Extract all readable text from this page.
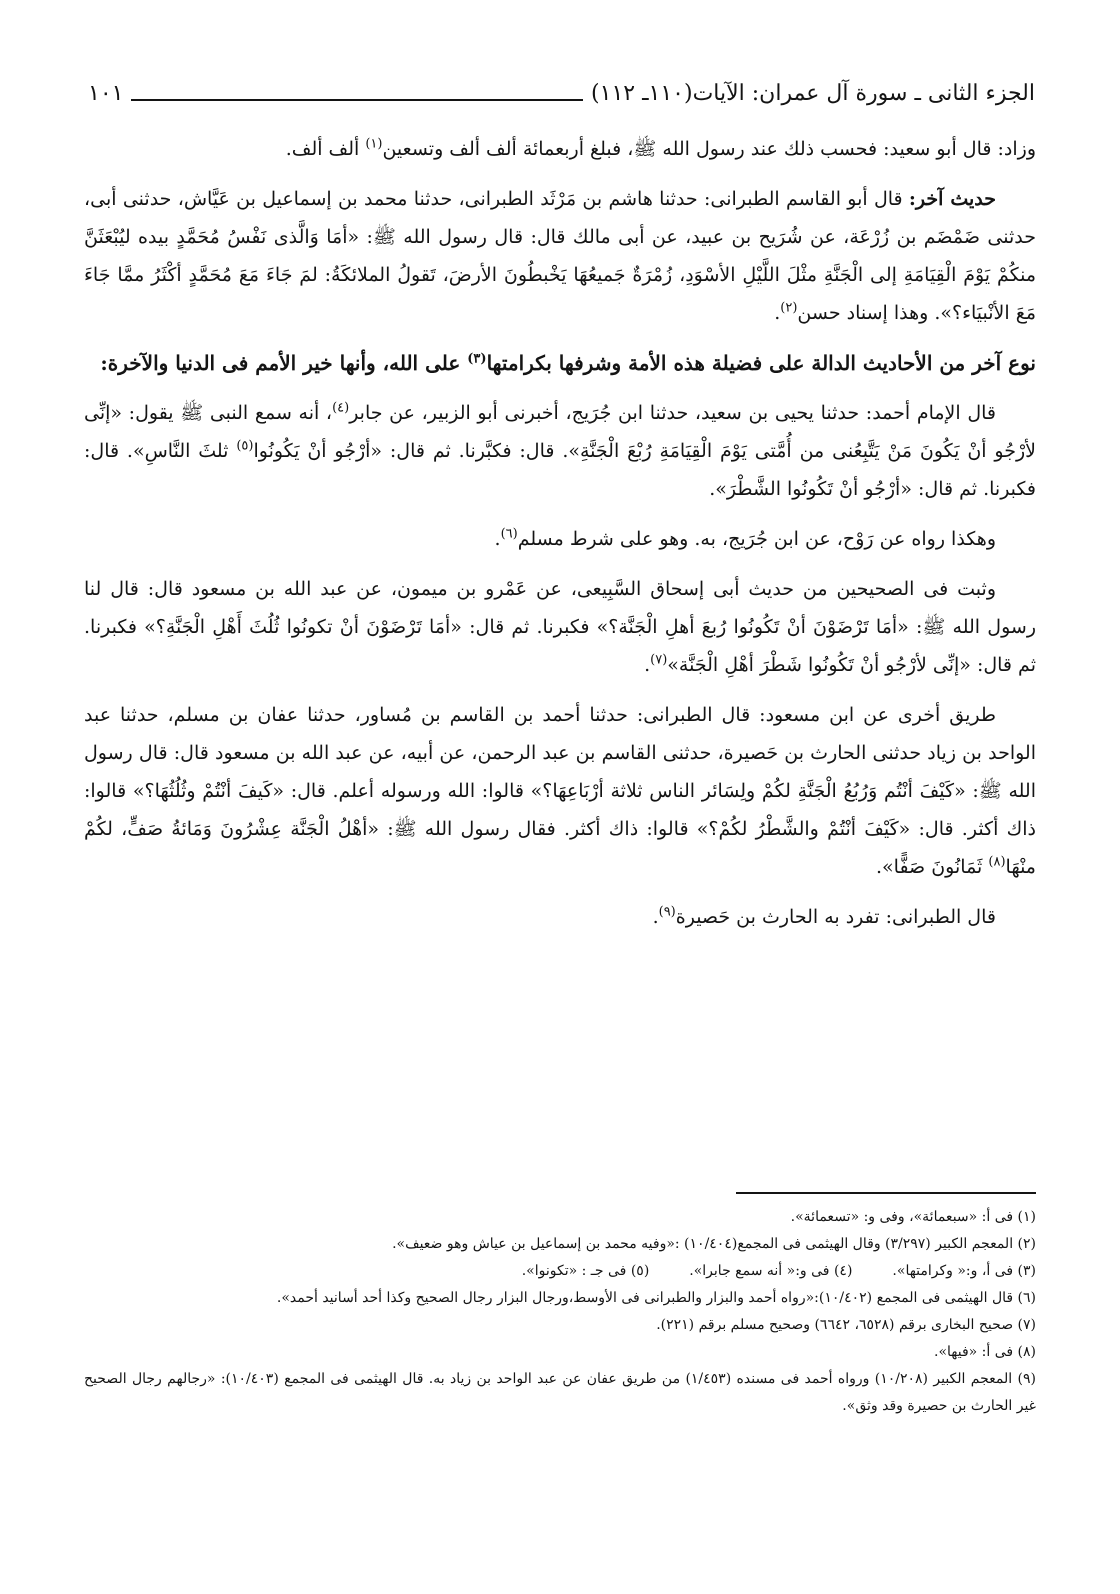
الجزء الثانى ـ سورة آل عمران: الآيات(١١٠ـ ١١٢)
١٠١

وزاد: قال أبو سعيد: فحسب ذلك عند رسول الله ﷺ، فبلغ أربعمائة ألف ألف وتسعين$^{(١)}$ ألف ألف.

حديث آخر: قال أبو القاسم الطبرانى: حدثنا هاشم بن مَرْثَد الطبرانى، حدثنا محمد بن إسماعيل بن عَيَّاش، حدثنى أبى، حدثنى ضَمْضَم بن زُرْعَة، عن شُرَيح بن عبيد، عن أبى مالك قال: قال رسول الله ﷺ: «أمَا وَالَّذى نَفْسُ مُحَمَّدٍ بيده ليُبْعَثَنَّ منكُمْ يَوْمَ الْقِيَامَةِ إلى الْجَنَّةِ مثْلَ اللَّيْلِ الأسْوَدِ، زُمْرَةٌ جَميعُهَا يَخْبطُونَ الأرضَ، تَقولُ الملائكَةُ: لمَ جَاءَ مَعَ مُحَمَّدٍ أكْثَرُ ممَّا جَاءَ مَعَ الأنْبيَاء؟». وهذا إسناد حسن$^{(٢)}$.

نوع آخر من الأحاديث الدالة على فضيلة هذه الأمة وشرفها بكرامتها$^{(٣)}$ على الله، وأنها خير الأمم فى الدنيا والآخرة:

قال الإمام أحمد: حدثنا يحيى بن سعيد، حدثنا ابن جُرَيج، أخبرنى أبو الزبير، عن جابر$^{(٤)}$، أنه سمع النبى ﷺ يقول: «إنِّى لأرْجُو أنْ يَكُونَ مَنْ يَتَّبِعُنى من أُمَّتى يَوْمَ الْقِيَامَةِ رُبْعَ الْجَنَّةِ». قال: فكبَّرنا. ثم قال: «أرْجُو أنْ يَكُونُوا$^{(٥)}$ ثلثَ النَّاسِ». قال: فكبرنا. ثم قال: «أرْجُو أنْ تَكُونُوا الشَّطْرَ».

وهكذا رواه عن رَوْح، عن ابن جُرَيج، به. وهو على شرط مسلم$^{(٦)}$.

وثبت فى الصحيحين من حديث أبى إسحاق السَّبِيعى، عن عَمْرو بن ميمون، عن عبد الله بن مسعود قال: قال لنا رسول الله ﷺ: «أمَا تَرْضَوْنَ أنْ تَكُونُوا رُبعَ أهلِ الْجَنَّة؟» فكبرنا. ثم قال: «أمَا تَرْضَوْنَ أنْ تكونُوا ثُلُثَ أَهْلِ الْجَنَّةِ؟» فكبرنا. ثم قال: «إنِّى لأرْجُو أنْ تَكُونُوا شَطْرَ أهْلِ الْجَنَّة»$^{(٧)}$.

طريق أخرى عن ابن مسعود: قال الطبرانى: حدثنا أحمد بن القاسم بن مُساور، حدثنا عفان بن مسلم، حدثنا عبد الواحد بن زياد حدثنى الحارث بن حَصيرة، حدثنى القاسم بن عبد الرحمن، عن أبيه، عن عبد الله بن مسعود قال: قال رسول الله ﷺ: «كَيْفَ أنْتُم وَرُبُعُ الْجَنَّةِ لكُمْ ولِسَائر الناس ثلاثة أرْبَاعِهَا؟» قالوا: الله ورسوله أعلم. قال: «كَيفَ أنْتُمْ وثُلُثُهَا؟» قالوا: ذاك أكثر. قال: «كَيْفَ أنْتُمْ والشَّطْرُ لكُمْ؟» قالوا: ذاك أكثر. فقال رسول الله ﷺ: «أهْلُ الْجَنَّة عِشْرُونَ وَمَائةُ صَفٍّ، لكُمْ منْهَا$^{(٨)}$ ثَمَانُونَ صَفًّا».

قال الطبرانى: تفرد به الحارث بن حَصيرة$^{(٩)}$.

(١) فى أ: «سبعمائة»، وفى و: «تسعمائة».

(٢) المعجم الكبير (٣/٢٩٧) وقال الهيثمى فى المجمع(١٠/٤٠٤) :«وفيه محمد بن إسماعيل بن عياش وهو ضعيف».

(٣) فى أ، و:« وكرامتها».
(٤) فى و:« أنه سمع جابرا».
(٥) فى جـ : «تكونوا».

(٦) قال الهيثمى فى المجمع (١٠/٤٠٢):«رواه أحمد والبزار والطبرانى فى الأوسط،ورجال البزار رجال الصحيح وكذا أحد أسانيد أحمد».

(٧) صحيح البخارى برقم (٦٥٢٨، ٦٦٤٢) وصحيح مسلم برقم (٢٢١).

(٨) فى أ: «فيها».

(٩) المعجم الكبير (١٠/٢٠٨) ورواه أحمد فى مسنده (١/٤٥٣) من طريق عفان عن عبد الواحد بن زياد به. قال الهيثمى فى المجمع (١٠/٤٠٣): «رجالهم رجال الصحيح غير الحارث بن حصيرة وقد وثق».
